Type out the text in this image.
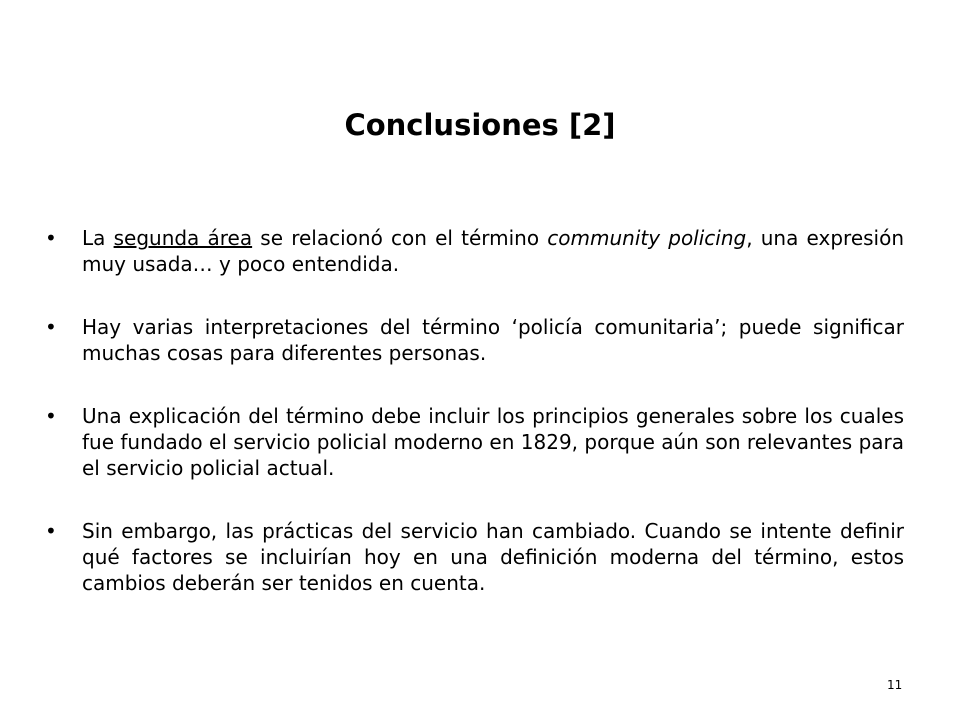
Conclusiones [2]
• La segunda área se relacionó con el término community policing, una expresión muy usada… y poco entendida.
• Hay varias interpretaciones del término ‘policía comunitaria’; puede significar muchas cosas para diferentes personas.
• Una explicación del término debe incluir los principios generales sobre los cuales fue fundado el servicio policial moderno en 1829, porque aún son relevantes para el servicio policial actual.
• Sin embargo, las prácticas del servicio han cambiado. Cuando se intente definir qué factores se incluirían hoy en una definición moderna del término, estos cambios deberán ser tenidos en cuenta.
11
